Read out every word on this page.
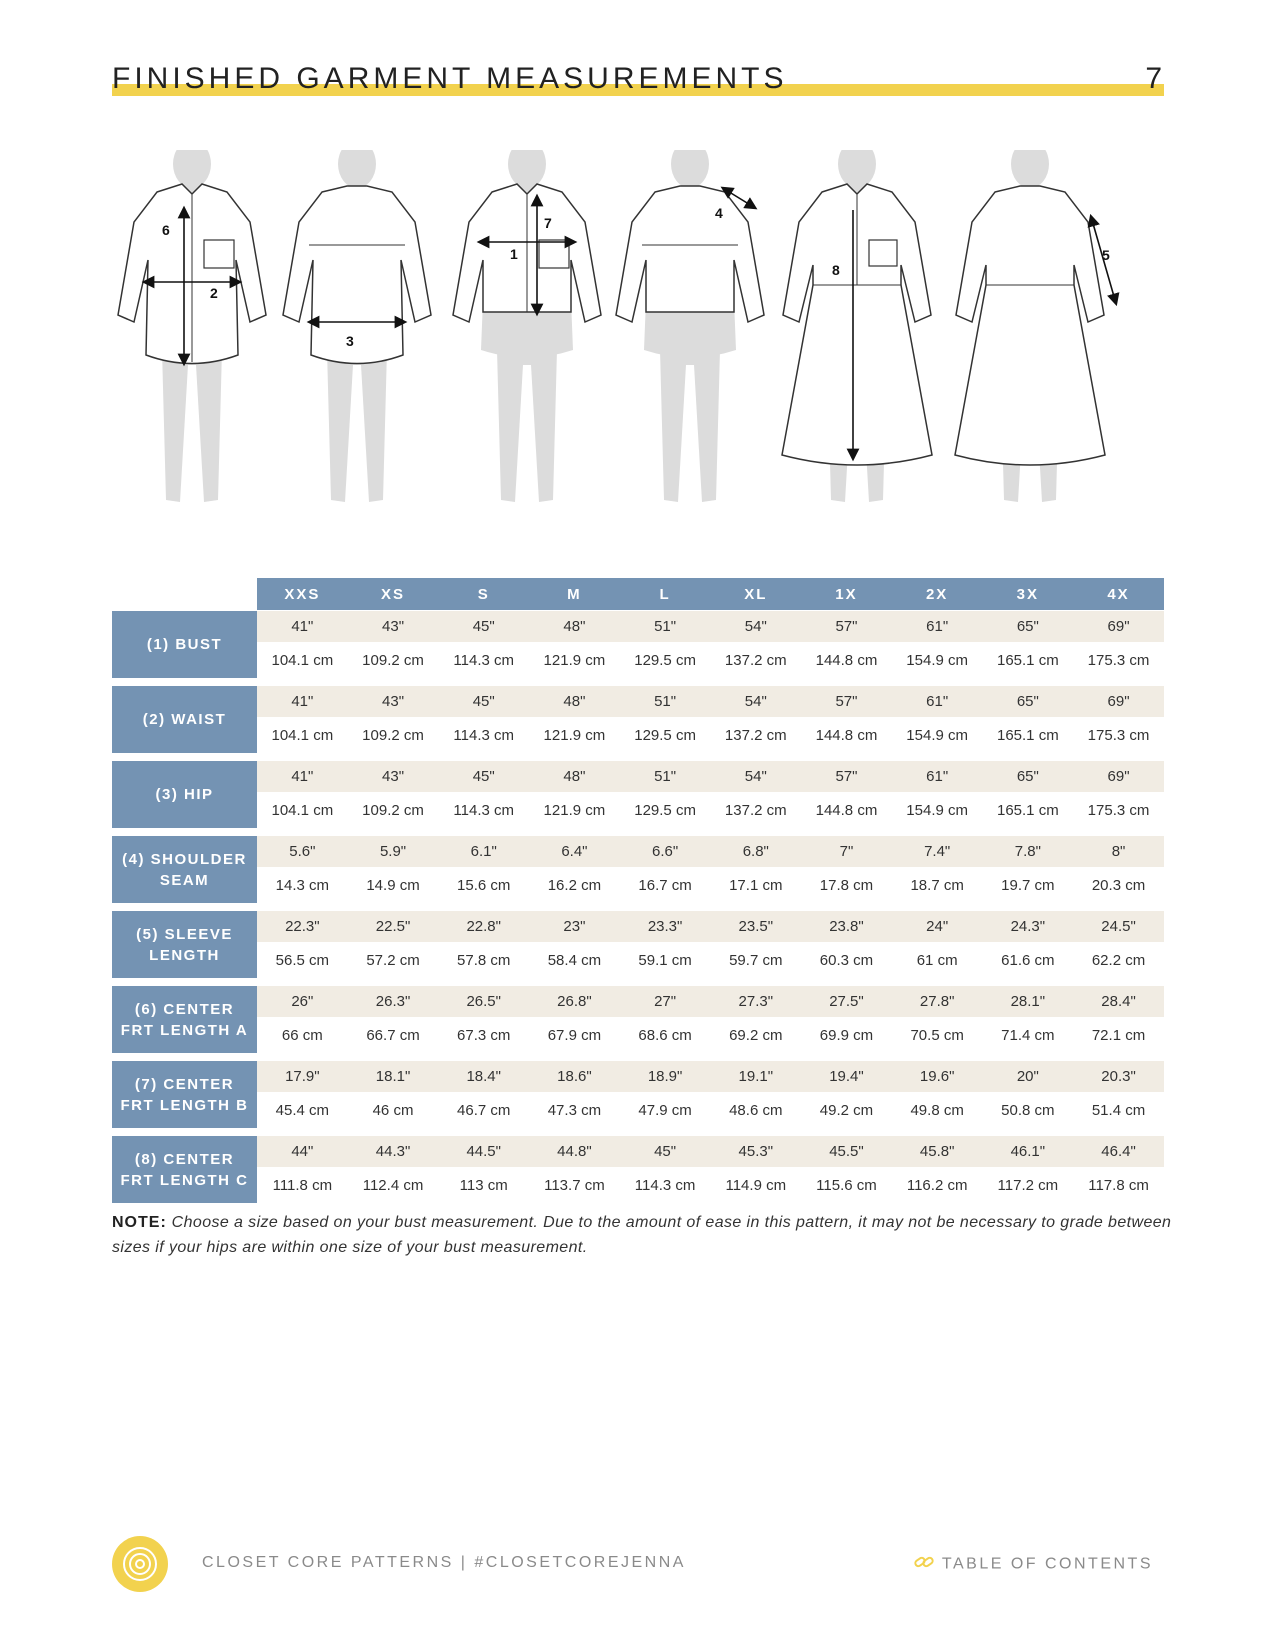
FINISHED GARMENT MEASUREMENTS	7
1
2
3
4
5
6	7
8
	XXS	XS	S	M	L	XL	1X	2X	3X	4X

(1) BUST	41"	43"	45"	48"	51"	54"	57"	61"	65"	69"
	104.1 cm	109.2 cm	114.3 cm	121.9 cm	129.5 cm	137.2 cm	144.8 cm	154.9 cm	165.1 cm	175.3 cm

(2) WAIST	41"	43"	45"	48"	51"	54"	57"	61"	65"	69"
	104.1 cm	109.2 cm	114.3 cm	121.9 cm	129.5 cm	137.2 cm	144.8 cm	154.9 cm	165.1 cm	175.3 cm

(3) HIP	41"	43"	45"	48"	51"	54"	57"	61"	65"	69"
	104.1 cm	109.2 cm	114.3 cm	121.9 cm	129.5 cm	137.2 cm	144.8 cm	154.9 cm	165.1 cm	175.3 cm

(4) SHOULDER
SEAM	5.6"	5.9"	6.1"	6.4"	6.6"	6.8"	7"	7.4"	7.8"	8"
	14.3 cm	14.9 cm	15.6 cm	16.2 cm	16.7 cm	17.1 cm	17.8 cm	18.7 cm	19.7 cm	20.3 cm

(5) SLEEVE
LENGTH	22.3"	22.5"	22.8"	23"	23.3"	23.5"	23.8"	24"	24.3"	24.5"
	56.5 cm	57.2 cm	57.8 cm	58.4 cm	59.1 cm	59.7 cm	60.3 cm	61 cm	61.6 cm	62.2 cm

(6) CENTER
FRT LENGTH A	26"	26.3"	26.5"	26.8"	27"	27.3"	27.5"	27.8"	28.1"	28.4"
	66 cm	66.7 cm	67.3 cm	67.9 cm	68.6 cm	69.2 cm	69.9 cm	70.5 cm	71.4 cm	72.1 cm

(7) CENTER
FRT LENGTH B	17.9"	18.1"	18.4"	18.6"	18.9"	19.1"	19.4"	19.6"	20"	20.3"
	45.4 cm	46 cm	46.7 cm	47.3 cm	47.9 cm	48.6 cm	49.2 cm	49.8 cm	50.8 cm	51.4 cm

(8) CENTER
FRT LENGTH C	44"	44.3"	44.5"	44.8"	45"	45.3"	45.5"	45.8"	46.1"	46.4"
	111.8 cm	112.4 cm	113 cm	113.7 cm	114.3 cm	114.9 cm	115.6 cm	116.2 cm	117.2 cm	117.8 cm
NOTE: Choose a size based on your bust measurement. Due to the amount of ease in this pattern, it may not be necessary to grade between sizes if your hips are within one size of your bust measurement.
CLOSET CORE PATTERNS | #CLOSETCOREJENNA	TABLE OF CONTENTS
